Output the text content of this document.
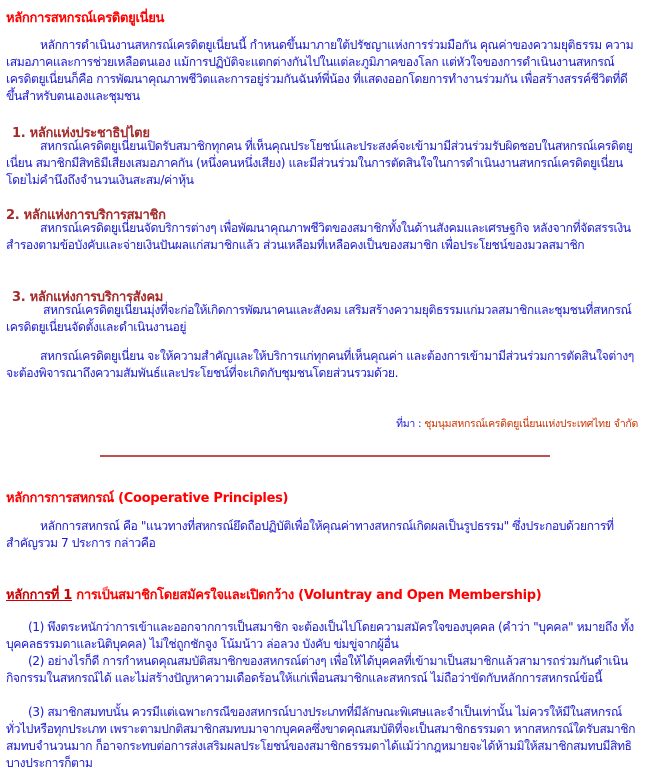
หลักการสหกรณ์เครดิตยูเนี่ยน
หลักการดำเนินงานสหกรณ์เครดิตยูเนี่ยนนี้ กำหนดขึ้นมาภายใต้ปรัชญาแห่งการร่วมมือกัน คุณค่าของความยุติธรรม ความเสมอภาคและการช่วยเหลือตนเอง แม้การปฏิบัติจะแตกต่างกันไปในแต่ละภูมิภาคของโลก แต่หัวใจของการดำเนินงานสหกรณ์เครดิตยูเนี่ยนก็คือ การพัฒนาคุณภาพชีวิตและการอยู่ร่วมกันฉันท์พี่น้อง ที่แสดงออกโดยการทำงานร่วมกัน เพื่อสร้างสรรค์ชีวิตที่ดีขึ้นสำหรับตนเองและชุมชน
1. หลักแห่งประชาธิปไตย
สหกรณ์เครดิตยูเนี่ยนเปิดรับสมาชิกทุกคน ที่เห็นคุณประโยชน์และประสงค์จะเข้ามามีส่วนร่วมรับผิดชอบในสหกรณ์เครดิตยูเนี่ยน สมาชิกมีสิทธิมีเสียงเสมอภาคกัน (หนึ่งคนหนึ่งเสียง) และมีส่วนร่วมในการตัดสินใจในการดำเนินงานสหกรณ์เครดิตยูเนี่ยน โดยไม่คำนึงถึงจำนวนเงินสะสม/ค่าหุ้น
2. หลักแห่งการบริการสมาชิก
สหกรณ์เครดิตยูเนี่ยนจัดบริการต่างๆ เพื่อพัฒนาคุณภาพชีวิตของสมาชิกทั้งในด้านสังคมและเศรษฐกิจ หลังจากที่จัดสรรเงินสำรองตามข้อบังคับและจ่ายเงินปันผลแก่สมาชิกแล้ว ส่วนเหลือมที่เหลือคงเป็นของสมาชิก เพื่อประโยชน์ของมวลสมาชิก
3. หลักแห่งการบริการสังคม
สหกรณ์เครดิตยูเนี่ยนมุ่งที่จะก่อให้เกิดการพัฒนาคนและสังคม เสริมสร้างความยุติธรรมแก่มวลสมาชิกและชุมชนที่สหกรณ์เครดิตยูเนี่ยนจัดตั้งและดำเนินงานอยู่
สหกรณ์เครดิตยูเนี่ยน จะให้ความสำคัญและให้บริการแก่ทุกคนที่เห็นคุณค่า และต้องการเข้ามามีส่วนร่วมการตัดสินใจต่างๆ จะต้องพิจารณาถึงความสัมพันธ์และประโยชน์ที่จะเกิดกับชุมชนโดยส่วนรวมด้วย.
ที่มา : ชุมนุมสหกรณ์เครดิตยูเนี่ยนแห่งประเทศไทย จำกัด
หลักการการสหกรณ์ (Cooperative Principles)
หลักการสหกรณ์ คือ "แนวทางที่สหกรณ์ยึดถือปฏิบัติเพื่อให้คุณค่าทางสหกรณ์เกิดผลเป็นรูปธรรม" ซึ่งประกอบด้วยการที่สำคัญรวม 7 ประการ กล่าวคือ
หลักการที่ 1 การเป็นสมาชิกโดยสมัครใจและเปิดกว้าง (Voluntray and Open Membership)
(1) พึงตระหนักว่าการเข้าและออกจากการเป็นสมาชิก จะต้องเป็นไปโดยความสมัครใจของบุคคล (คำว่า "บุคคล" หมายถึง ทั้งบุคคลธรรมดาและนิติบุคคล) ไม่ใช่ถูกชักจูง โน้มน้าว ล่อลวง บังคับ ข่มขู่จากผู้อื่น
(2) อย่างไรก็ดี การกำหนดคุณสมบัติสมาชิกของสหกรณ์ต่างๆ เพื่อให้ได้บุคคลที่เข้ามาเป็นสมาชิกแล้วสามารถร่วมกันดำเนินกิจกรรมในสหกรณ์ได้ และไม่สร้างปัญหาความเดือดร้อนให้แก่เพื่อนสมาชิกและสหกรณ์ ไม่ถือว่าขัดกับหลักการสหกรณ์ข้อนี้
(3) สมาชิกสมทบนั้น ควรมีแต่เฉพาะกรณีของสหกรณ์บางประเภทที่มีลักษณะพิเศษและจำเป็นเท่านั้น ไม่ควรให้มีในสหกรณ์ทั่วไปหรือทุกประเภท เพราะตามปกติสมาชิกสมทบมาจากบุคคลซึ่งขาดคุณสมบัติที่จะเป็นสมาชิกธรรมดา หากสหกรณ์ใดรับสมาชิกสมทบจำนวนมาก ก็อาจกระทบต่อการส่งเสริมผลประโยชน์ของสมาชิกธรรมดาได้แม้ว่ากฎหมายจะได้ห้ามมิให้สมาชิกสมทบมีสิทธิบางประการก็ตาม
